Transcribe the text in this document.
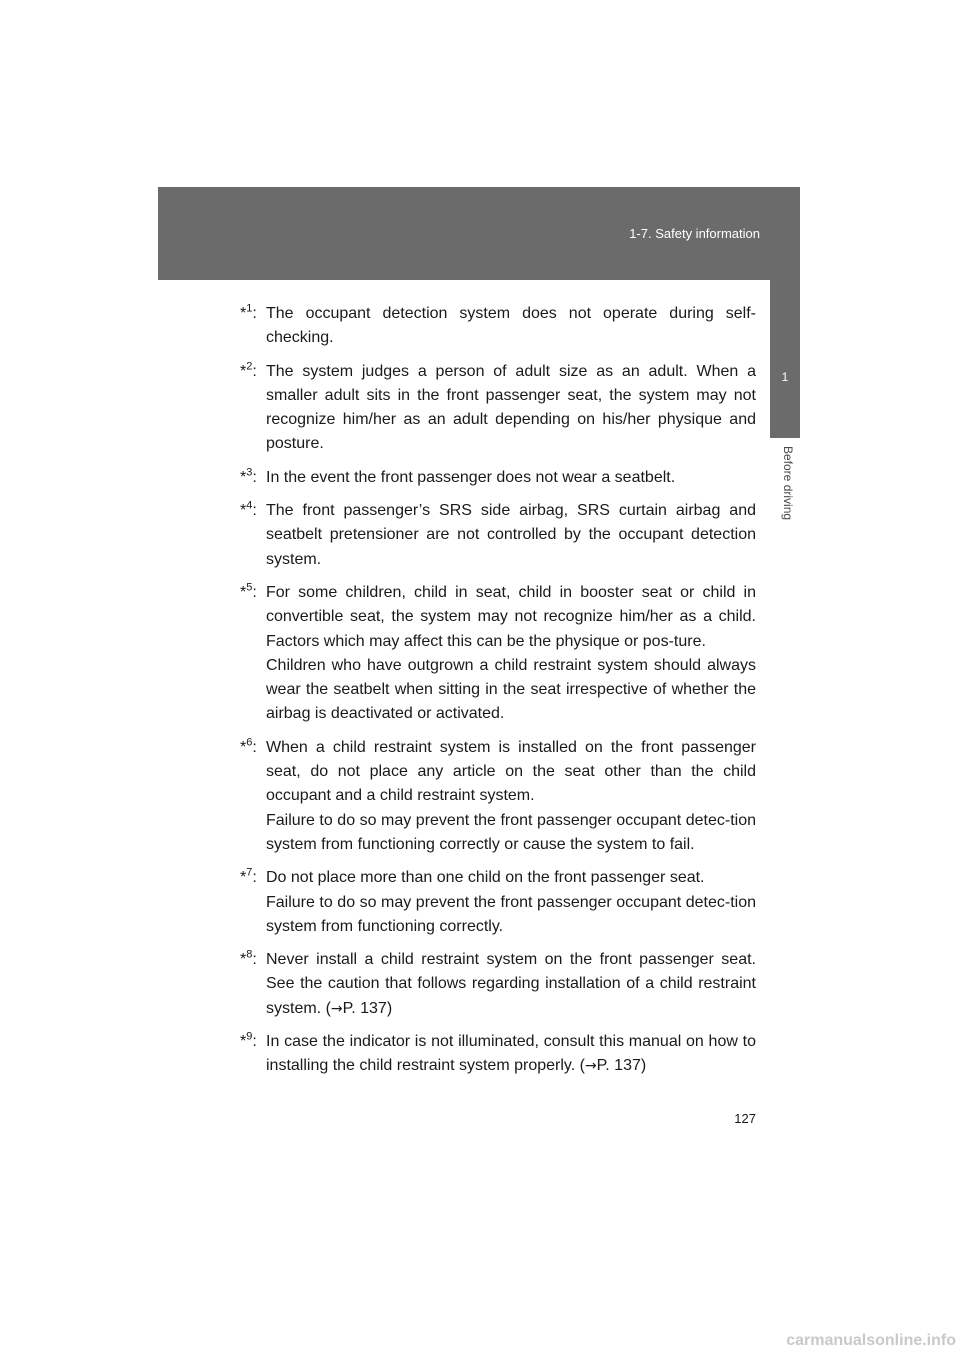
1-7. Safety information
1
Before driving
*$^1$: The occupant detection system does not operate during self-checking.

*$^2$: The system judges a person of adult size as an adult. When a smaller adult sits in the front passenger seat, the system may not recognize him/her as an adult depending on his/her physique and posture.

*$^3$: In the event the front passenger does not wear a seatbelt.

*$^4$: The front passenger’s SRS side airbag, SRS curtain airbag and seatbelt pretensioner are not controlled by the occupant detection system.

*$^5$: For some children, child in seat, child in booster seat or child in convertible seat, the system may not recognize him/her as a child. Factors which may affect this can be the physique or pos-ture.

Children who have outgrown a child restraint system should always wear the seatbelt when sitting in the seat irrespective of whether the airbag is deactivated or activated.

*$^6$: When a child restraint system is installed on the front passenger seat, do not place any article on the seat other than the child occupant and a child restraint system.

Failure to do so may prevent the front passenger occupant detec-tion system from functioning correctly or cause the system to fail.

*$^7$: Do not place more than one child on the front passenger seat.

Failure to do so may prevent the front passenger occupant detec-tion system from functioning correctly.

*$^8$: Never install a child restraint system on the front passenger seat. See the caution that follows regarding installation of a child restraint system. (→P. 137)

*$^9$: In case the indicator is not illuminated, consult this manual on how to installing the child restraint system properly. (→P. 137)

127
carmanualsonline.info
